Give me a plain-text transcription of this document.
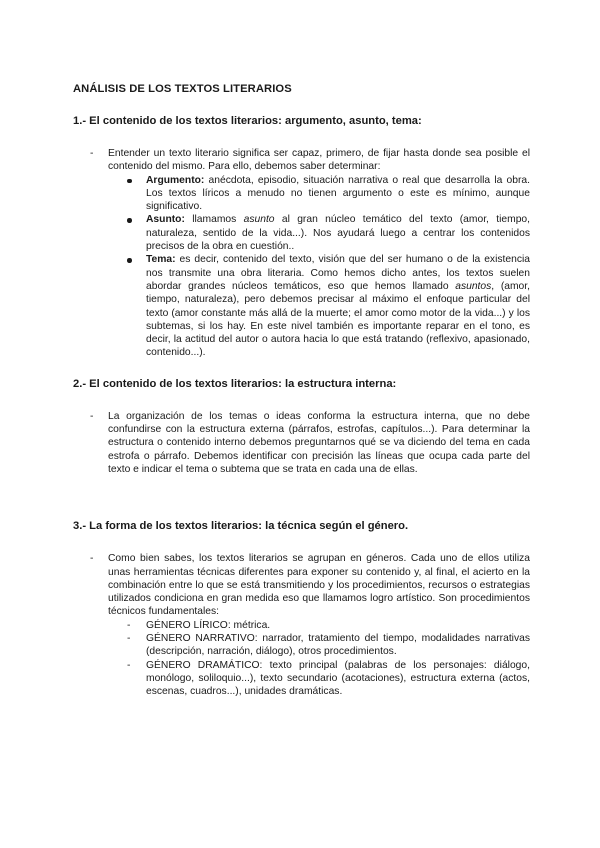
ANÁLISIS DE LOS TEXTOS LITERARIOS
1.- El contenido de los textos literarios: argumento, asunto, tema:
- Entender un texto literario significa ser capaz, primero, de fijar hasta donde sea posible el contenido del mismo. Para ello, debemos saber determinar:
Argumento: anécdota, episodio, situación narrativa o real que desarrolla la obra. Los textos líricos a menudo no tienen argumento o este es mínimo, aunque significativo.
Asunto: llamamos asunto al gran núcleo temático del texto (amor, tiempo, naturaleza, sentido de la vida...). Nos ayudará luego a centrar los contenidos precisos de la obra en cuestión..
Tema: es decir, contenido del texto, visión que del ser humano o de la existencia nos transmite una obra literaria. Como hemos dicho antes, los textos suelen abordar grandes núcleos temáticos, eso que hemos llamado asuntos, (amor, tiempo, naturaleza), pero debemos precisar al máximo el enfoque particular del texto (amor constante más allá de la muerte; el amor como motor de la vida...) y los subtemas, si los hay. En este nivel también es importante reparar en el tono, es decir, la actitud del autor o autora hacia lo que está tratando (reflexivo, apasionado, contenido...).
2.- El contenido de los textos literarios: la estructura interna:
- La organización de los temas o ideas conforma la estructura interna, que no debe confundirse con la estructura externa (párrafos, estrofas, capítulos...). Para determinar la estructura o contenido interno debemos preguntarnos qué se va diciendo del tema en cada estrofa o párrafo. Debemos identificar con precisión las líneas que ocupa cada parte del texto e indicar el tema o subtema que se trata en cada una de ellas.
3.- La forma de los textos literarios: la técnica según el género.
- Como bien sabes, los textos literarios se agrupan en géneros. Cada uno de ellos utiliza unas herramientas técnicas diferentes para exponer su contenido y, al final, el acierto en la combinación entre lo que se está transmitiendo y los procedimientos, recursos o estrategias utilizados condiciona en gran medida eso que llamamos logro artístico. Son procedimientos técnicos fundamentales:
- GÉNERO LÍRICO: métrica.
- GÉNERO NARRATIVO: narrador, tratamiento del tiempo, modalidades narrativas (descripción, narración, diálogo), otros procedimientos.
- GÉNERO DRAMÁTICO: texto principal (palabras de los personajes: diálogo, monólogo, soliloquio...), texto secundario (acotaciones), estructura externa (actos, escenas, cuadros...), unidades dramáticas.
